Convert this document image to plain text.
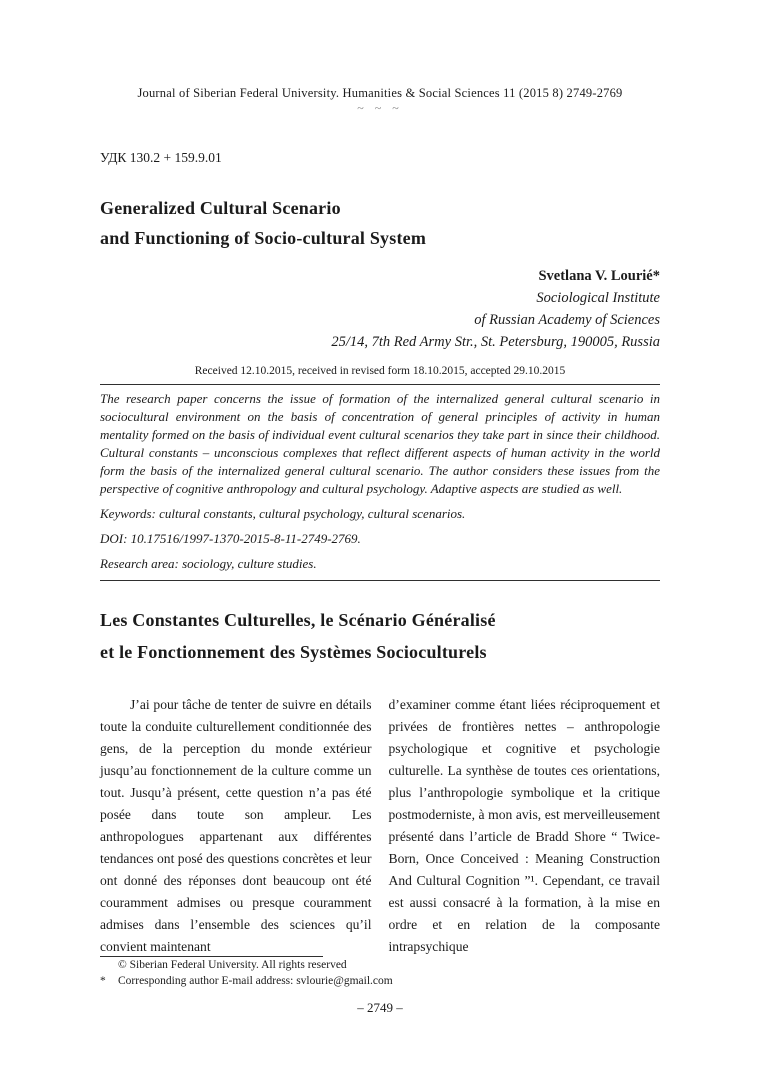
Journal of Siberian Federal University. Humanities & Social Sciences 11 (2015 8) 2749-2769
~ ~ ~
УДК 130.2 + 159.9.01
Generalized Cultural Scenario
and Functioning of Socio-cultural System
Svetlana V. Lourié*
Sociological Institute
of Russian Academy of Sciences
25/14, 7th Red Army Str., St. Petersburg, 190005, Russia
Received 12.10.2015, received in revised form 18.10.2015, accepted 29.10.2015
The research paper concerns the issue of formation of the internalized general cultural scenario in sociocultural environment on the basis of concentration of general principles of activity in human mentality formed on the basis of individual event cultural scenarios they take part in since their childhood. Cultural constants – unconscious complexes that reflect different aspects of human activity in the world form the basis of the internalized general cultural scenario. The author considers these issues from the perspective of cognitive anthropology and cultural psychology. Adaptive aspects are studied as well.
Keywords: cultural constants, cultural psychology, cultural scenarios.
DOI: 10.17516/1997-1370-2015-8-11-2749-2769.
Research area: sociology, culture studies.
Les Constantes Culturelles, le Scénario Généralisé
et le Fonctionnement des Systèmes Socioculturels
J’ai pour tâche de tenter de suivre en détails toute la conduite culturellement conditionnée des gens, de la perception du monde extérieur jusqu’au fonctionnement de la culture comme un tout. Jusqu’à présent, cette question n’a pas été posée dans toute son ampleur. Les anthropologues appartenant aux différentes tendances ont posé des questions concrètes et leur ont donné des réponses dont beaucoup ont été couramment admises ou presque couramment admises dans l’ensemble des sciences qu’il convient maintenant
d’examiner comme étant liées réciproquement et privées de frontières nettes – anthropologie psychologique et cognitive et psychologie culturelle. La synthèse de toutes ces orientations, plus l’anthropologie symbolique et la critique postmoderniste, à mon avis, est merveilleusement présenté dans l’article de Bradd Shore “ Twice-Born, Once Conceived : Meaning Construction And Cultural Cognition ”¹. Cependant, ce travail est aussi consacré à la formation, à la mise en ordre et en relation de la composante intrapsychique
© Siberian Federal University. All rights reserved
* Corresponding author E-mail address: svlourie@gmail.com
– 2749 –
